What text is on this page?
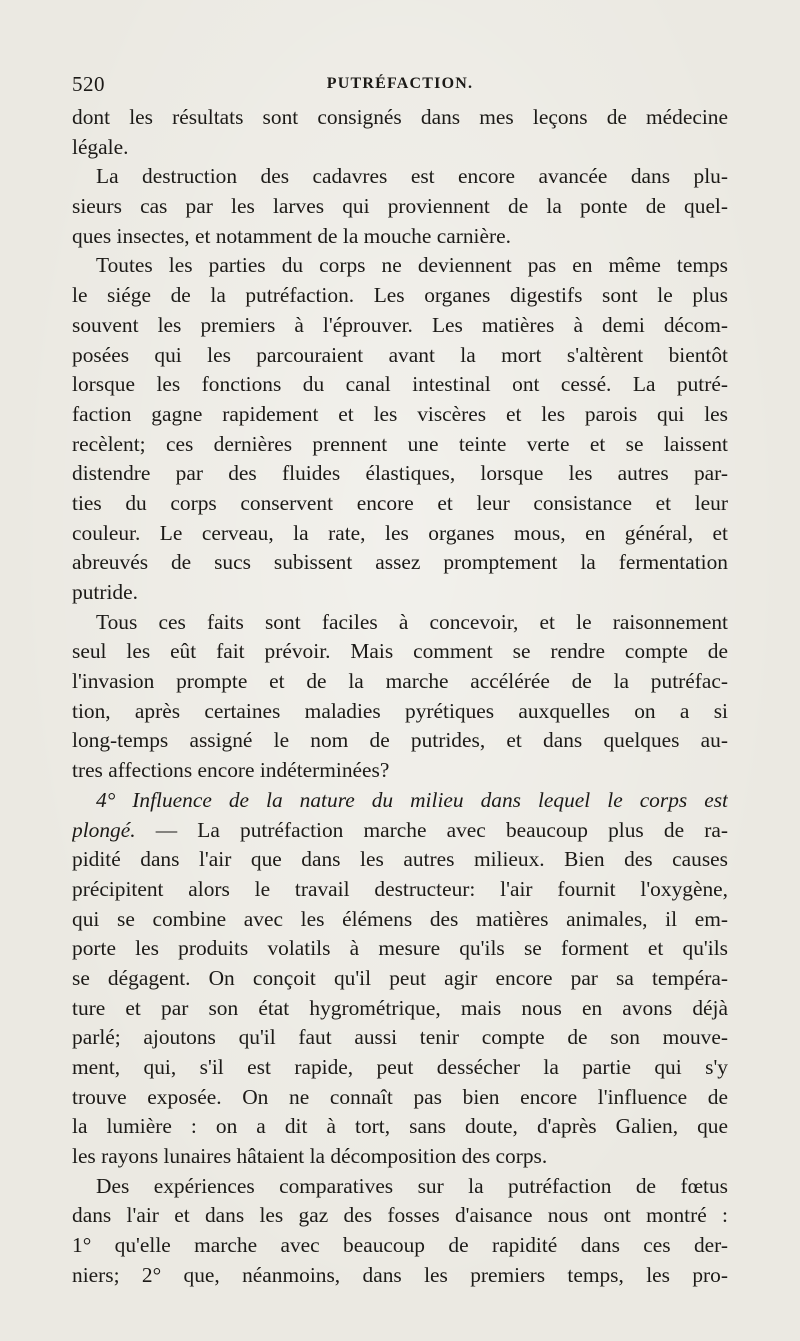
520	PUTRÉFACTION.
dont les résultats sont consignés dans mes leçons de médecine
légale.
La destruction des cadavres est encore avancée dans plu-
sieurs cas par les larves qui proviennent de la ponte de quel-
ques insectes, et notamment de la mouche carnière.
Toutes les parties du corps ne deviennent pas en même temps
le siége de la putréfaction. Les organes digestifs sont le plus
souvent les premiers à l'éprouver. Les matières à demi décom-
posées qui les parcouraient avant la mort s'altèrent bientôt
lorsque les fonctions du canal intestinal ont cessé. La putré-
faction gagne rapidement et les viscères et les parois qui les
recèlent; ces dernières prennent une teinte verte et se laissent
distendre par des fluides élastiques, lorsque les autres par-
ties du corps conservent encore et leur consistance et leur
couleur. Le cerveau, la rate, les organes mous, en général, et
abreuvés de sucs subissent assez promptement la fermentation
putride.
Tous ces faits sont faciles à concevoir, et le raisonnement
seul les eût fait prévoir. Mais comment se rendre compte de
l'invasion prompte et de la marche accélérée de la putréfac-
tion, après certaines maladies pyrétiques auxquelles on a si
long-temps assigné le nom de putrides, et dans quelques au-
tres affections encore indéterminées?
4° Influence de la nature du milieu dans lequel le corps est
plongé. — La putréfaction marche avec beaucoup plus de ra-
pidité dans l'air que dans les autres milieux. Bien des causes
précipitent alors le travail destructeur: l'air fournit l'oxygène,
qui se combine avec les élémens des matières animales, il em-
porte les produits volatils à mesure qu'ils se forment et qu'ils
se dégagent. On conçoit qu'il peut agir encore par sa tempéra-
ture et par son état hygrométrique, mais nous en avons déjà
parlé; ajoutons qu'il faut aussi tenir compte de son mouve-
ment, qui, s'il est rapide, peut dessécher la partie qui s'y
trouve exposée. On ne connaît pas bien encore l'influence de
la lumière : on a dit à tort, sans doute, d'après Galien, que
les rayons lunaires hâtaient la décomposition des corps.
Des expériences comparatives sur la putréfaction de fœtus
dans l'air et dans les gaz des fosses d'aisance nous ont montré :
1° qu'elle marche avec beaucoup de rapidité dans ces der-
niers; 2° que, néanmoins, dans les premiers temps, les pro-
